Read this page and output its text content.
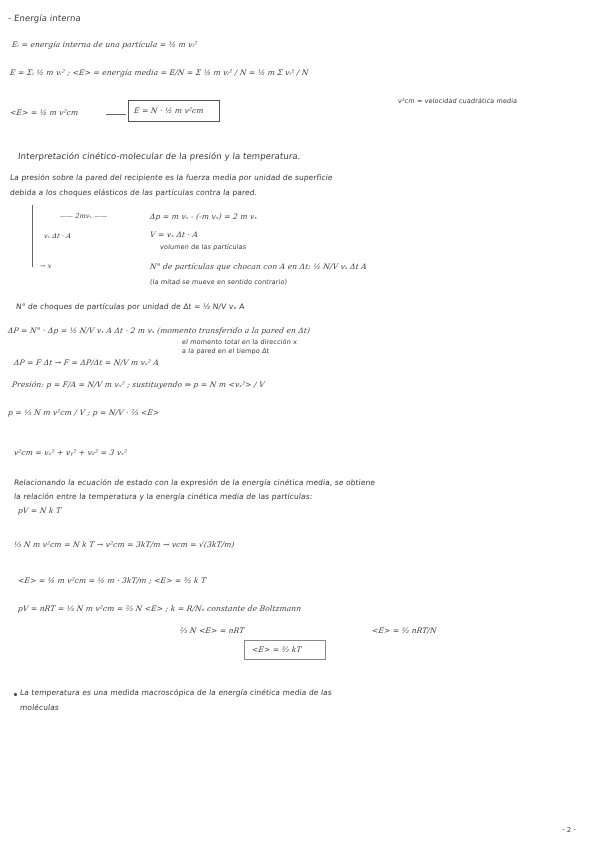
- Energía interna
Eᵢ = energía interna de una partícula = ½ m vᵢ²
E = Σᵢ ½ m vᵢ² ; <E> = energía media = E/N = Σ ½ m vᵢ² / N = ½ m Σ vᵢ² / N
v²cm = velocidad cuadrática media
<E> = ½ m v²cm	E = N · ½ m v²cm
Interpretación cinético-molecular de la presión y la temperatura.
La presión sobre la pared del recipiente es la fuerza media por unidad de superficie
debida a los choques elásticos de las partículas contra la pared.
—— 2mvₓ ——	Δp = m vₓ - (-m vₓ) = 2 m vₓ
vₓ Δt · A	V = vₓ Δt · A
volumen de las partículas
→ x	N° de partículas que chocan con A en Δt: ½ N/V vₓ Δt A
(la mitad se mueve en sentido contrario)
N° de choques de partículas por unidad de Δt = ½ N/V vₓ A
ΔP = N° · Δp = ½ N/V vₓ A Δt · 2 m vₓ (momento transferido a la pared en Δt)
el momento total en la dirección x
a la pared en el tiempo Δt
ΔP = F Δt → F = ΔP/Δt = N/V m vₓ² A
Presión: p = F/A = N/V m vₓ² ; sustituyendo ⇒ p = N m <vₓ²> / V
p = ⅓ N m v²cm / V ; p = N/V · ⅔ <E>
v²cm = vₓ² + vᵧ² + v₂² = 3 vₓ²
Relacionando la ecuación de estado con la expresión de la energía cinética media, se obtiene
la relación entre la temperatura y la energía cinética media de las partículas:
pV = N k T
⅓ N m v²cm = N k T → v²cm = 3kT/m → vcm = √(3kT/m)
<E> = ½ m v²cm = ½ m · 3kT/m ; <E> = ³⁄₂ k T
pV = nRT = ⅓ N m v²cm = ⅔ N <E> ; k = R/Nₐ constante de Boltzmann
⅔ N <E> = nRT	<E> = ³⁄₂ nRT/N
<E> = ³⁄₂ kT
La temperatura es una medida macroscópica de la energía cinética media de las
moléculas
- 2 -
